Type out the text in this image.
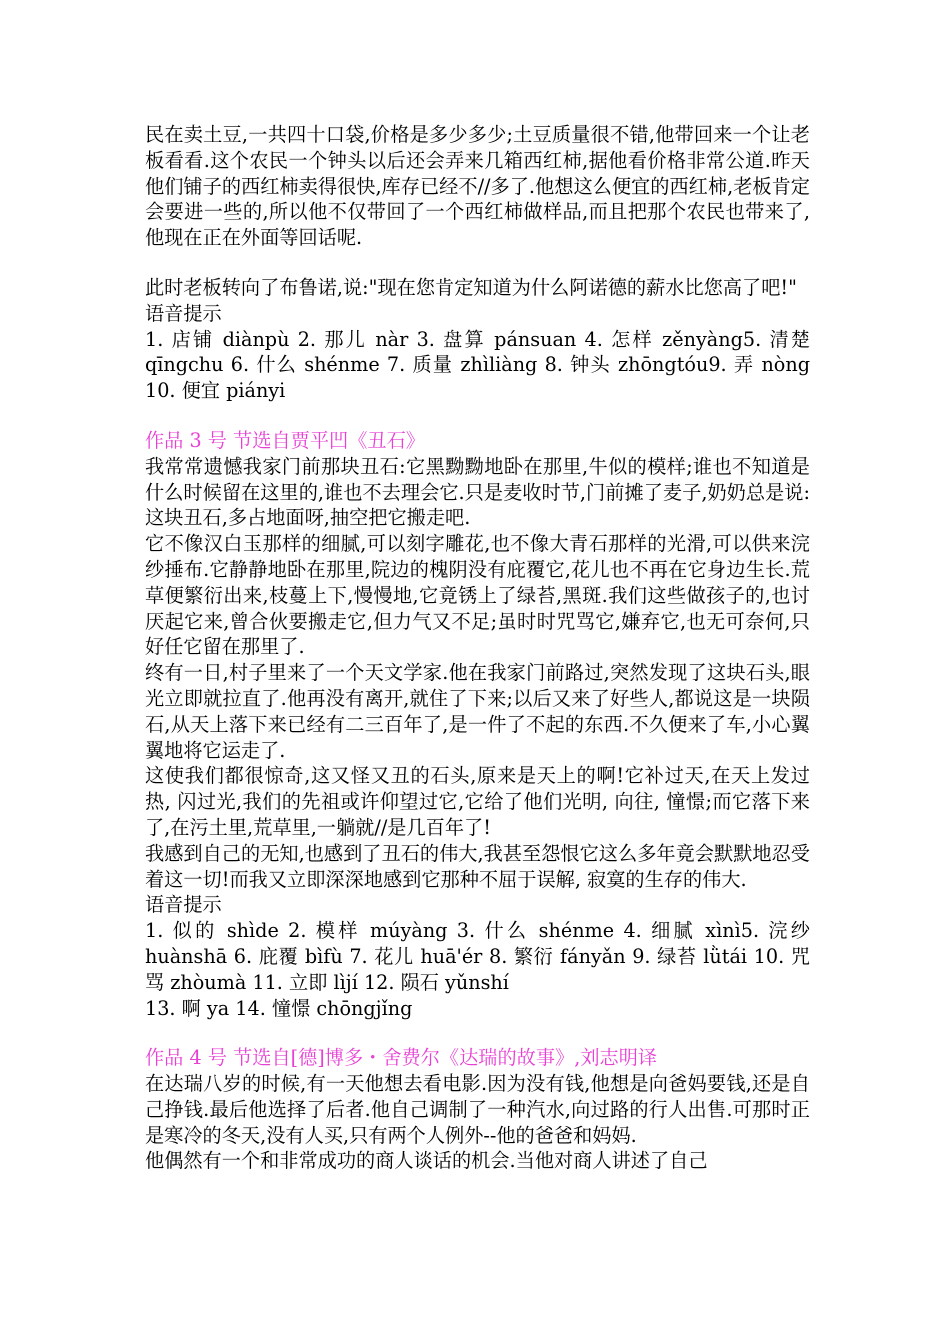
民在卖土豆,一共四十口袋,价格是多少多少;土豆质量很不错,他带回来一个让老板看看.这个农民一个钟头以后还会弄来几箱西红柿,据他看价格非常公道.昨天他们铺子的西红柿卖得很快,库存已经不//多了.他想这么便宜的西红柿,老板肯定会要进一些的,所以他不仅带回了一个西红柿做样品,而且把那个农民也带来了,他现在正在外面等回话呢.

此时老板转向了布鲁诺,说:"现在您肯定知道为什么阿诺德的薪水比您高了吧!"

语音提示

1. 店铺 diànpù 2. 那儿 nàr 3. 盘算 pánsuan 4. 怎样 zěnyàng5. 清楚 qīngchu 6. 什么 shénme 7. 质量 zhìliàng 8. 钟头 zhōngtóu9. 弄 nòng 10. 便宜 piányi

作品 3 号 节选自贾平凹《丑石》

我常常遗憾我家门前那块丑石:它黑黝黝地卧在那里,牛似的模样;谁也不知道是什么时候留在这里的,谁也不去理会它.只是麦收时节,门前摊了麦子,奶奶总是说:这块丑石,多占地面呀,抽空把它搬走吧.

它不像汉白玉那样的细腻,可以刻字雕花,也不像大青石那样的光滑,可以供来浣纱捶布.它静静地卧在那里,院边的槐阴没有庇覆它,花儿也不再在它身边生长.荒草便繁衍出来,枝蔓上下,慢慢地,它竟锈上了绿苔,黑斑.我们这些做孩子的,也讨厌起它来,曾合伙要搬走它,但力气又不足;虽时时咒骂它,嫌弃它,也无可奈何,只好任它留在那里了.

终有一日,村子里来了一个天文学家.他在我家门前路过,突然发现了这块石头,眼光立即就拉直了.他再没有离开,就住了下来;以后又来了好些人,都说这是一块陨石,从天上落下来已经有二三百年了,是一件了不起的东西.不久便来了车,小心翼翼地将它运走了.

这使我们都很惊奇,这又怪又丑的石头,原来是天上的啊!它补过天,在天上发过热, 闪过光,我们的先祖或许仰望过它,它给了他们光明, 向往, 憧憬;而它落下来了,在污土里,荒草里,一躺就//是几百年了!

我感到自己的无知,也感到了丑石的伟大,我甚至怨恨它这么多年竟会默默地忍受着这一切!而我又立即深深地感到它那种不屈于误解, 寂寞的生存的伟大.

语音提示

1. 似的 shìde 2. 模样 múyàng 3. 什么 shénme 4. 细腻 xìnì5. 浣纱 huànshā 6. 庇覆 bìfù 7. 花儿 huā'ér 8. 繁衍 fányǎn 9. 绿苔 lǜtái 10. 咒骂 zhòumà 11. 立即 lìjí 12. 陨石 yǔnshí

13. 啊 ya 14. 憧憬 chōngjǐng

作品 4 号 节选自[德]博多・舍费尔《达瑞的故事》,刘志明译

在达瑞八岁的时候,有一天他想去看电影.因为没有钱,他想是向爸妈要钱,还是自己挣钱.最后他选择了后者.他自己调制了一种汽水,向过路的行人出售.可那时正是寒冷的冬天,没有人买,只有两个人例外--他的爸爸和妈妈.

他偶然有一个和非常成功的商人谈话的机会.当他对商人讲述了自己
